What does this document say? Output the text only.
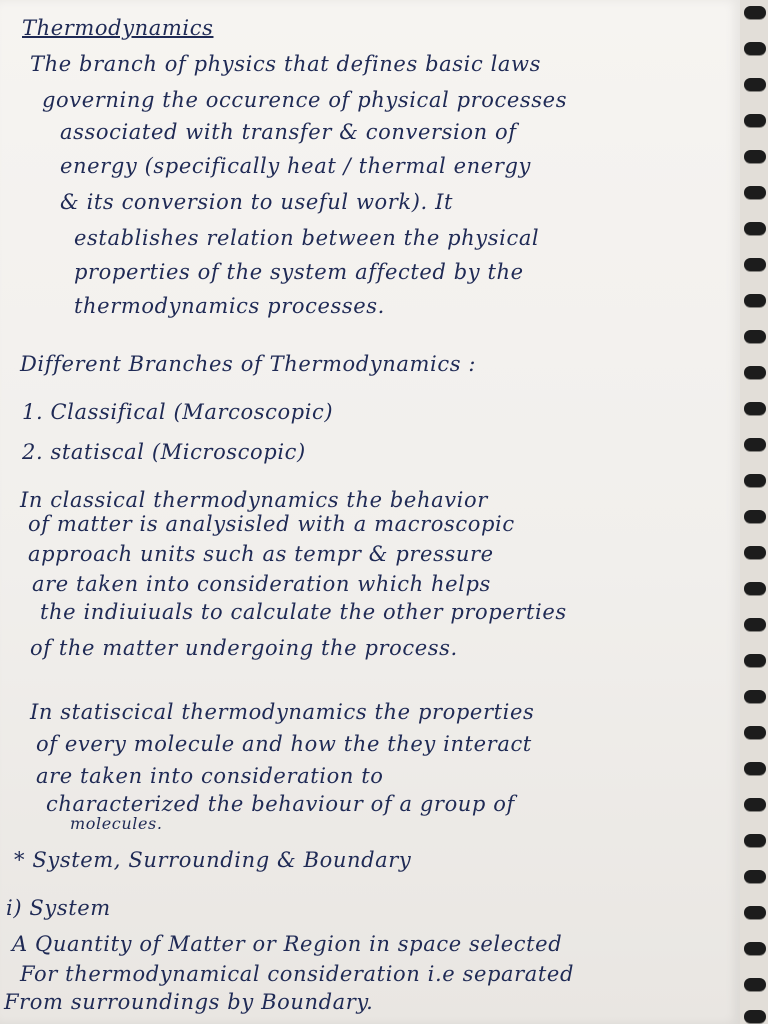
Thermodynamics
The branch of physics that defines basic laws
governing the occurence of physical processes
associated with transfer & conversion of
energy (specifically heat / thermal energy
& its conversion to useful work). It
establishes relation between the physical
properties of the system affected by the
thermodynamics processes.
Different Branches of Thermodynamics :
1. Classifical (Marcoscopic)
2. statiscal (Microscopic)
In classical thermodynamics the behavior
of matter is analysisled with a macroscopic
approach units such as tempr & pressure
are taken into consideration which helps
the indiuiuals to calculate the other properties
of the matter undergoing the process.
In statiscical thermodynamics the properties
of every molecule and how the they interact
are taken into consideration to
characterized the behaviour of a group of
molecules.
* System, Surrounding & Boundary
i) System
A Quantity of Matter or Region in space selected
For thermodynamical consideration i.e separated
From surroundings by Boundary.
